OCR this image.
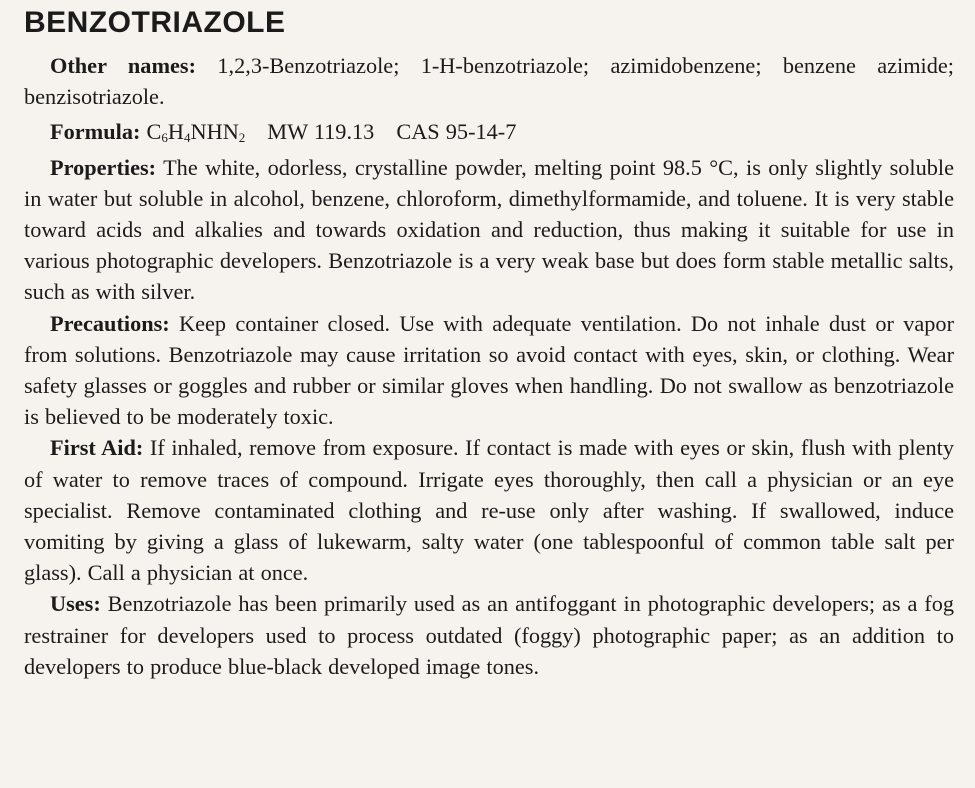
BENZOTRIAZOLE

Other names: 1,2,3-Benzotriazole; 1-H-benzotriazole; azimidobenzene; benzene azimide; benzisotriazole.

Formula: $C_6H_4NHN_2$ MW 119.13 CAS 95-14-7

Properties: The white, odorless, crystalline powder, melting point 98.5 °C, is only slightly soluble in water but soluble in alcohol, benzene, chloroform, dimethylformamide, and toluene. It is very stable toward acids and alkalies and towards oxidation and reduction, thus making it suitable for use in various photographic developers. Benzotriazole is a very weak base but does form stable metallic salts, such as with silver.

Precautions: Keep container closed. Use with adequate ventilation. Do not inhale dust or vapor from solutions. Benzotriazole may cause irritation so avoid contact with eyes, skin, or clothing. Wear safety glasses or goggles and rubber or similar gloves when handling. Do not swallow as benzotriazole is believed to be moderately toxic.

First Aid: If inhaled, remove from exposure. If contact is made with eyes or skin, flush with plenty of water to remove traces of compound. Irrigate eyes thoroughly, then call a physician or an eye specialist. Remove contaminated clothing and re-use only after washing. If swallowed, induce vomiting by giving a glass of lukewarm, salty water (one tablespoonful of common table salt per glass). Call a physician at once.

Uses: Benzotriazole has been primarily used as an antifoggant in photographic developers; as a fog restrainer for developers used to process outdated (foggy) photographic paper; as an addition to developers to produce blue-black developed image tones.
